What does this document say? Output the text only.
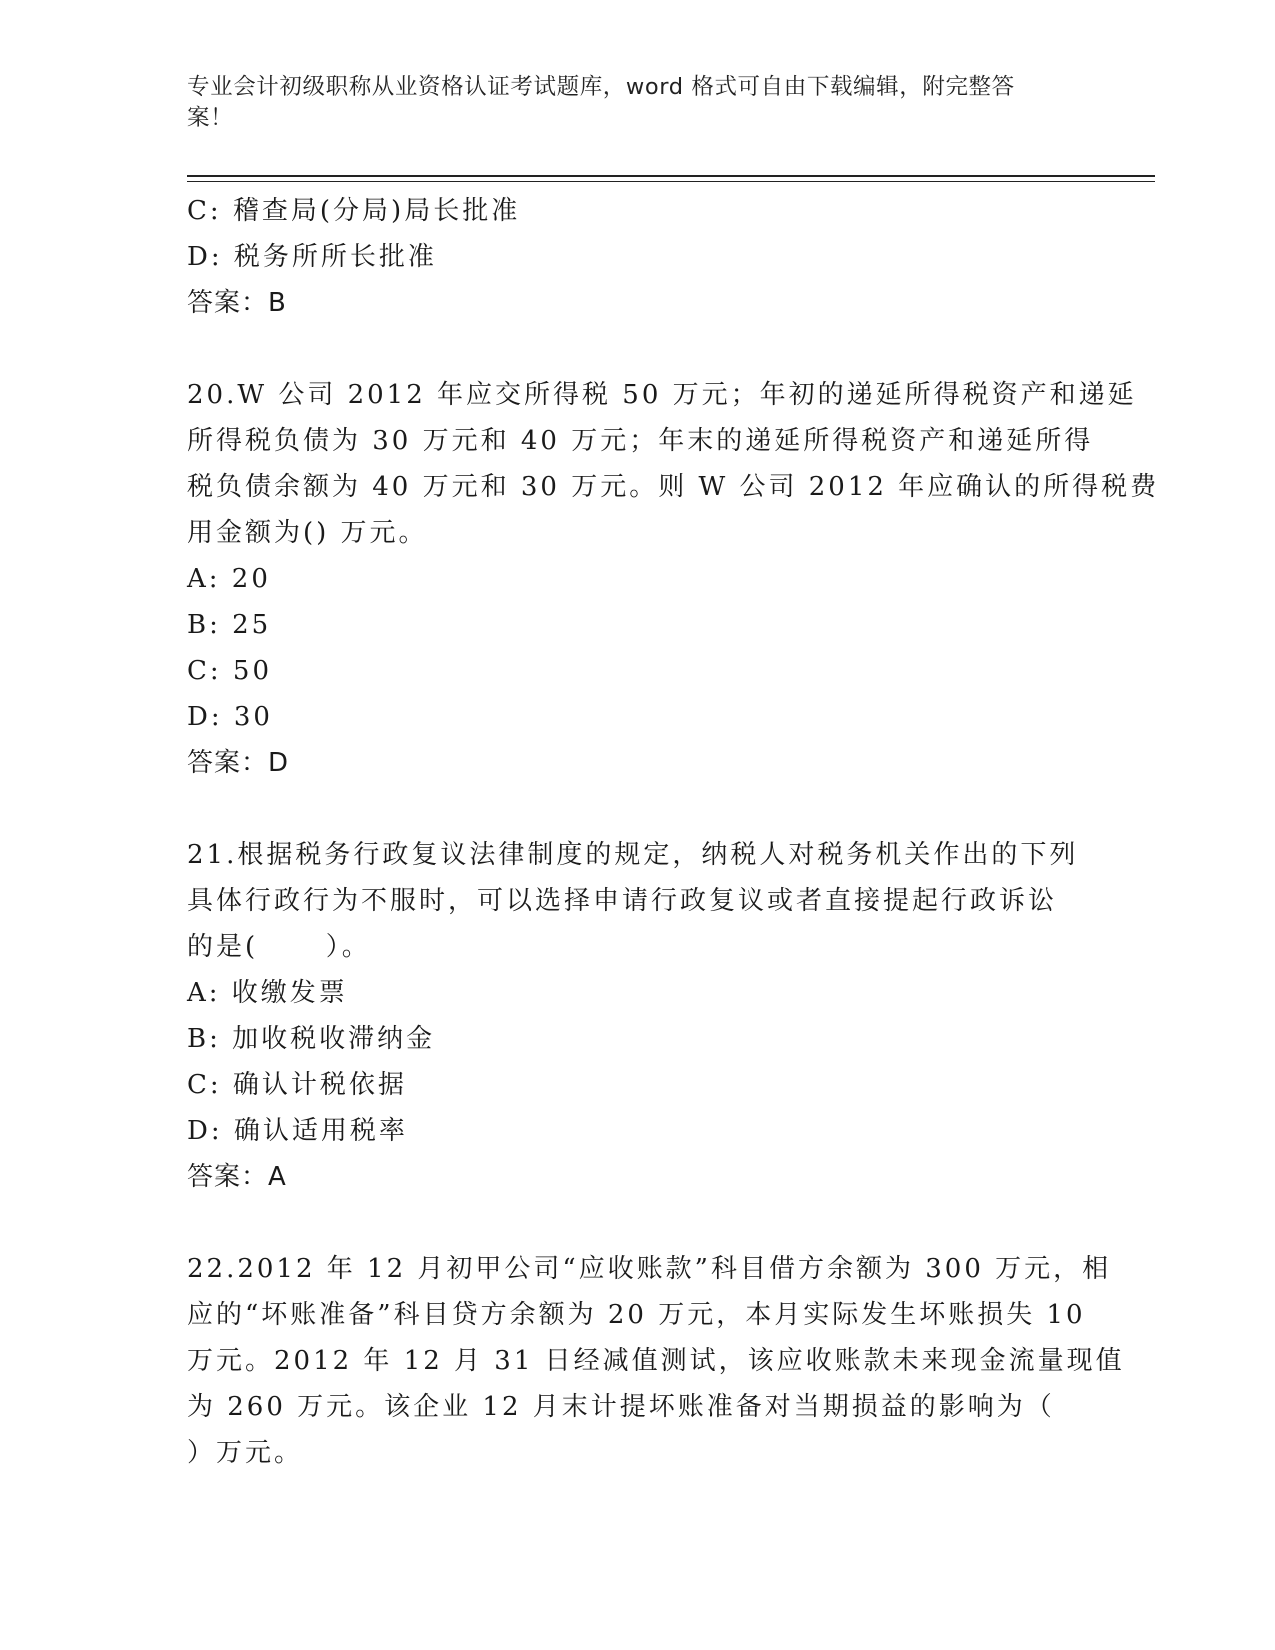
专业会计初级职称从业资格认证考试题库，word 格式可自由下载编辑，附完整答
案！
C: 稽查局(分局)局长批准
D: 税务所所长批准
答案：B
20.W 公司 2012 年应交所得税 50 万元；年初的递延所得税资产和递延
所得税负债为 30 万元和 40 万元；年末的递延所得税资产和递延所得
税负债余额为 40 万元和 30 万元。则 W 公司 2012 年应确认的所得税费
用金额为() 万元。
A: 20
B: 25
C: 50
D: 30
答案：D
21.根据税务行政复议法律制度的规定，纳税人对税务机关作出的下列
具体行政行为不服时，可以选择申请行政复议或者直接提起行政诉讼
的是(      ）。
A: 收缴发票
B: 加收税收滞纳金
C: 确认计税依据
D: 确认适用税率
答案：A
22.2012 年 12 月初甲公司“应收账款”科目借方余额为 300 万元，相
应的“坏账准备”科目贷方余额为 20 万元，本月实际发生坏账损失 10
万元。2012 年 12 月 31 日经减值测试，该应收账款未来现金流量现值
为 260 万元。该企业 12 月末计提坏账准备对当期损益的影响为（
）万元。
